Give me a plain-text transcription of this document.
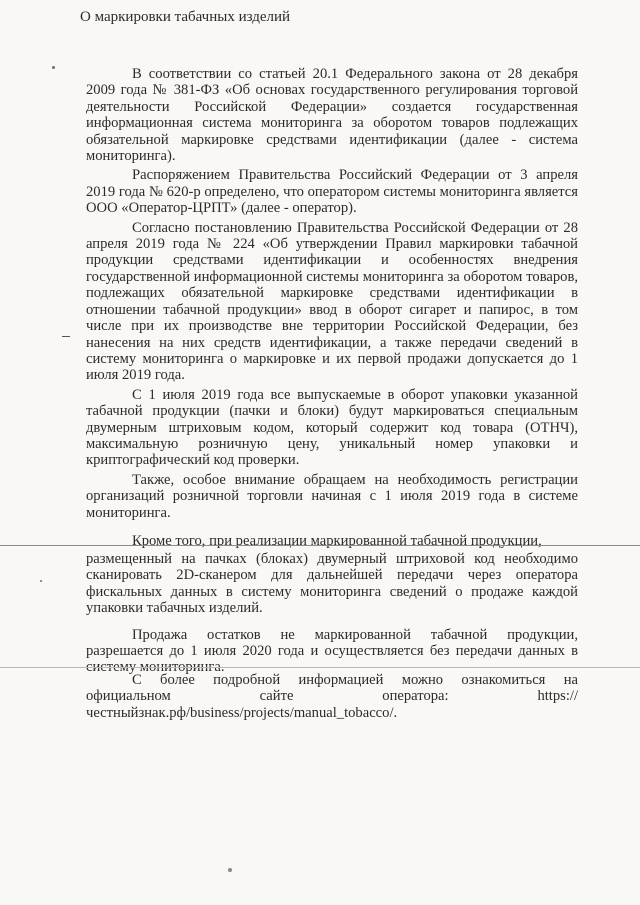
О маркировки табачных изделий

В соответствии со статьей 20.1 Федерального закона от 28 декабря 2009 года № 381-ФЗ «Об основах государственного регулирования торговой деятельности Российской Федерации» создается государственная информационная система мониторинга за оборотом товаров подлежащих обязательной маркировке средствами идентификации (далее - система мониторинга).

Распоряжением Правительства Российский Федерации от 3 апреля 2019 года № 620-р определено, что оператором системы мониторинга является ООО «Оператор-ЦРПТ» (далее - оператор).

Согласно постановлению Правительства Российской Федерации от 28 апреля 2019 года № 224 «Об утверждении Правил маркировки табачной продукции средствами идентификации и особенностях внедрения государственной информационной системы мониторинга за оборотом товаров, подлежащих обязательной маркировке средствами идентификации в отношении табачной продукции» ввод в оборот сигарет и папирос, в том числе при их производстве вне территории Российской Федерации, без нанесения на них средств идентификации, а также передачи сведений в систему мониторинга о маркировке и их первой продажи допускается до 1 июля 2019 года.

С 1 июля 2019 года все выпускаемые в оборот упаковки указанной табачной продукции (пачки и блоки) будут маркироваться специальным двумерным штриховым кодом, который содержит код товара (ОТНЧ), максимальную розничную цену, уникальный номер упаковки и криптографический код проверки.

Также, особое внимание обращаем на необходимость регистрации организаций розничной торговли начиная с 1 июля 2019 года в системе мониторинга.

Кроме того, при реализации маркированной табачной продукции,

размещенный на пачках (блоках) двумерный штриховой код необходимо сканировать 2D-сканером для дальнейшей передачи через оператора фискальных данных в систему мониторинга сведений о продаже каждой упаковки табачных изделий.

Продажа остатков не маркированной табачной продукции, разрешается до 1 июля 2020 года и осуществляется без передачи данных в систему мониторинга.

С более подробной информацией можно ознакомиться на официальном сайте оператора: https://честныйзнак.рф/business/projects/manual_tobacco/.
